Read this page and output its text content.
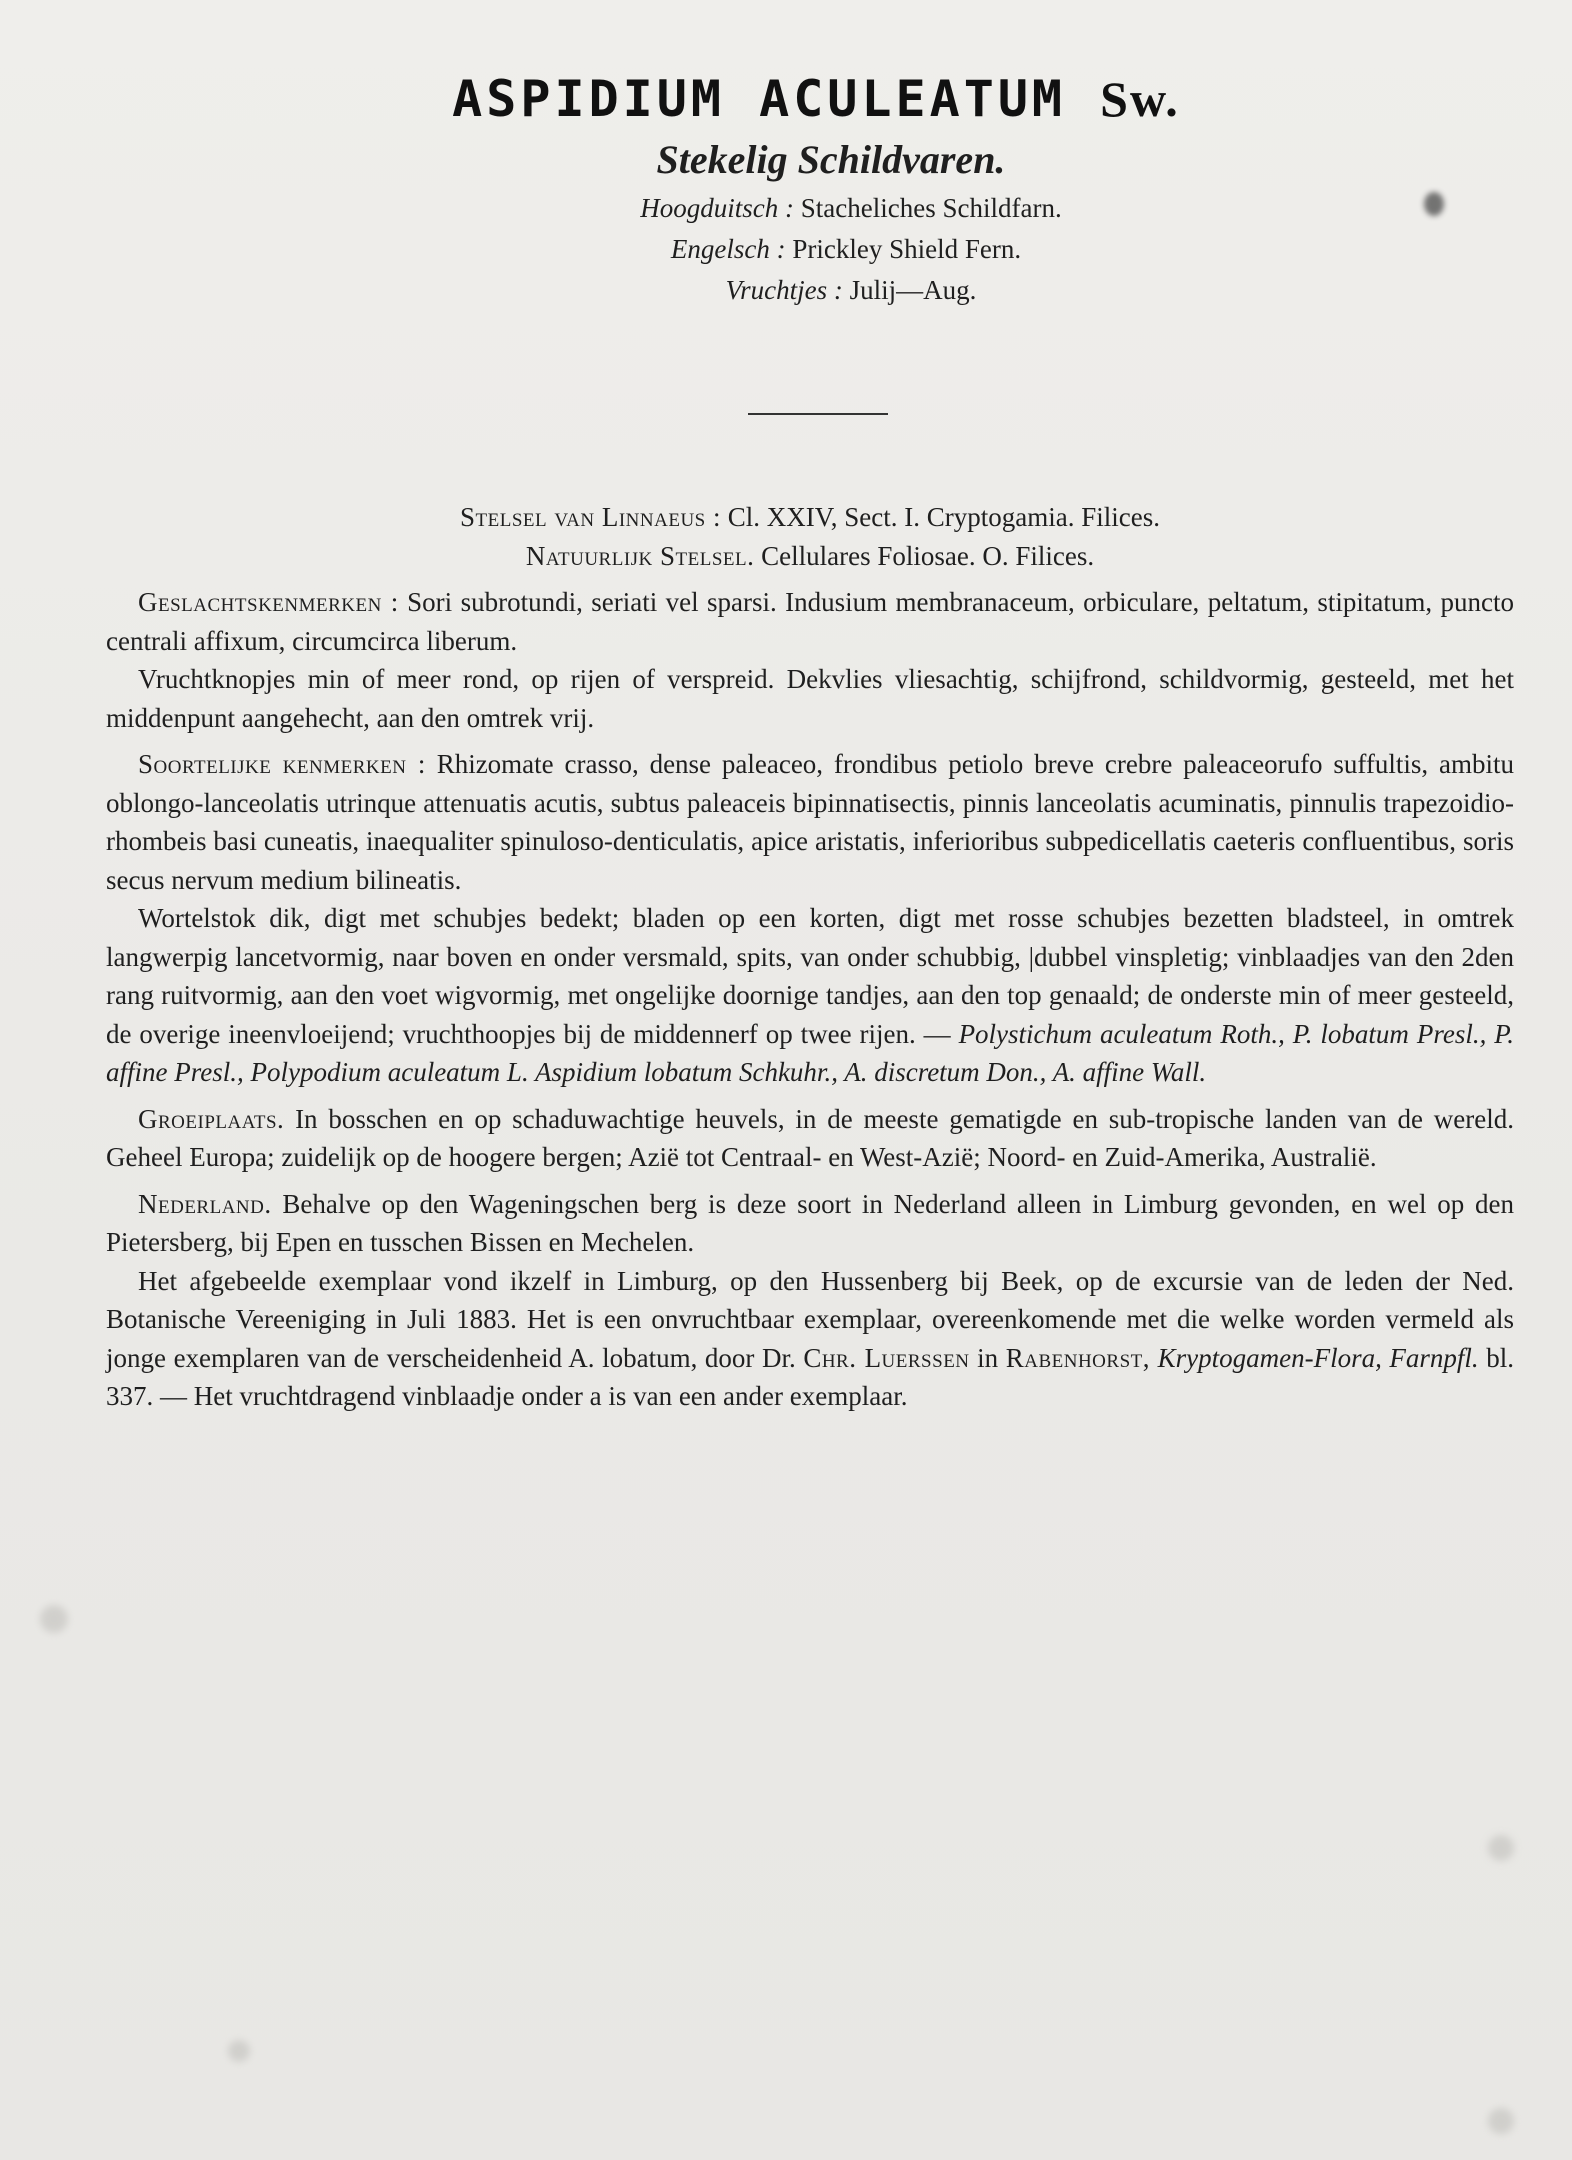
ASPIDIUM ACULEATUM Sw.
Stekelig Schildvaren.
Hoogduitsch : Stacheliches Schildfarn.
Engelsch : Prickley Shield Fern.
Vruchtjes : Julij—Aug.

Stelsel van Linnaeus : Cl. XXIV, Sect. I. Cryptogamia. Filices.

Natuurlijk Stelsel. Cellulares Foliosae. O. Filices.

Geslachtskenmerken : Sori subrotundi, seriati vel sparsi. Indusium membranaceum, orbiculare, peltatum, stipitatum, puncto centrali affixum, circumcirca liberum.

Vruchtknopjes min of meer rond, op rijen of verspreid. Dekvlies vliesachtig, schijfrond, schildvormig, gesteeld, met het middenpunt aangehecht, aan den omtrek vrij.

Soortelijke kenmerken : Rhizomate crasso, dense paleaceo, frondibus petiolo breve crebre paleaceorufo suffultis, ambitu oblongo-lanceolatis utrinque attenuatis acutis, subtus paleaceis bipinnatisectis, pinnis lanceolatis acuminatis, pinnulis trapezoidio-rhombeis basi cuneatis, inaequaliter spinuloso-denticulatis, apice aristatis, inferioribus subpedicellatis caeteris confluentibus, soris secus nervum medium bilineatis.

Wortelstok dik, digt met schubjes bedekt; bladen op een korten, digt met rosse schubjes bezetten bladsteel, in omtrek langwerpig lancetvormig, naar boven en onder versmald, spits, van onder schubbig, |dubbel vinspletig; vinblaadjes van den 2den rang ruitvormig, aan den voet wigvormig, met ongelijke doornige tandjes, aan den top genaald; de onderste min of meer gesteeld, de overige ineenvloeijend; vruchthoopjes bij de middennerf op twee rijen. — Polystichum aculeatum Roth., P. lobatum Presl., P. affine Presl., Polypodium aculeatum L. Aspidium lobatum Schkuhr., A. discretum Don., A. affine Wall.

Groeiplaats. In bosschen en op schaduwachtige heuvels, in de meeste gematigde en sub-tropische landen van de wereld. Geheel Europa; zuidelijk op de hoogere bergen; Azië tot Centraal- en West-Azië; Noord- en Zuid-Amerika, Australië.

Nederland. Behalve op den Wageningschen berg is deze soort in Nederland alleen in Limburg gevonden, en wel op den Pietersberg, bij Epen en tusschen Bissen en Mechelen.

Het afgebeelde exemplaar vond ikzelf in Limburg, op den Hussenberg bij Beek, op de excursie van de leden der Ned. Botanische Vereeniging in Juli 1883. Het is een onvruchtbaar exemplaar, overeenkomende met die welke worden vermeld als jonge exemplaren van de verscheidenheid A. lobatum, door Dr. Chr. Luerssen in Rabenhorst, Kryptogamen-Flora, Farnpfl. bl. 337. — Het vruchtdragend vinblaadje onder a is van een ander exemplaar.
